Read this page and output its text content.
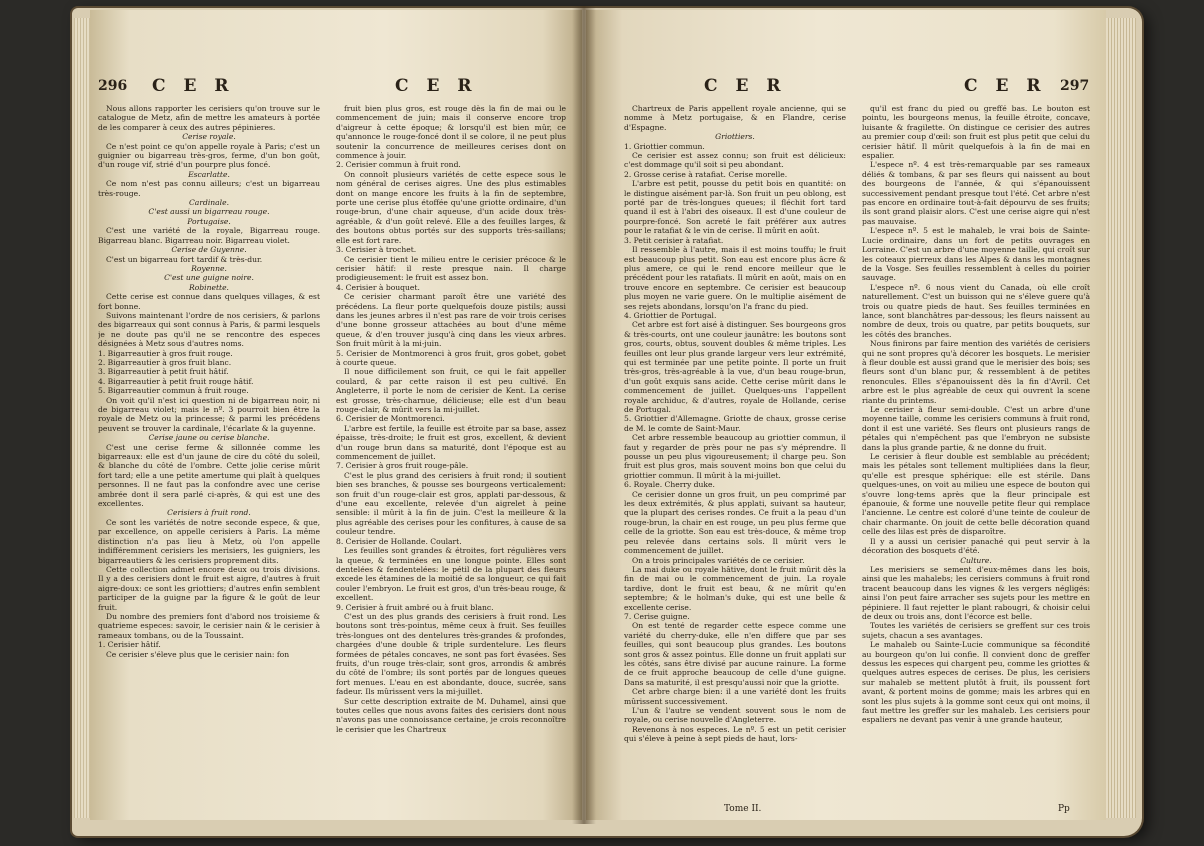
296 C E R	C E R

Nous allons rapporter les cerisiers qu'on trouve sur le catalogue de Metz, afin de mettre les amateurs à portée de les comparer à ceux des autres pépinieres.

Cerise royale.

Ce n'est point ce qu'on appelle royale à Paris; c'est un guignier ou bigarreau très-gros, ferme, d'un bon goût, d'un rouge vif, strié d'un pourpre plus foncé.

Escarlatte.

Ce nom n'est pas connu ailleurs; c'est un bigarreau très-rouge.

Cardinale.

C'est aussi un bigarreau rouge.

Portugaise.

C'est une variété de la royale, Bigarreau rouge. Bigarreau blanc. Bigarreau noir. Bigarreau violet.

Cerise de Guyenne.

C'est un bigarreau fort tardif & très-dur.

Royenne.

C'est une guigne noire.

Robinette.

Cette cerise est connue dans quelques villages, & est fort bonne.

Suivons maintenant l'ordre de nos cerisiers, & parlons des bigarreaux qui sont connus à Paris, & parmi lesquels je ne doute pas qu'il ne se rencontre des especes désignées à Metz sous d'autres noms.

1. Bigarreautier à gros fruit rouge.

2. Bigarreautier à gros fruit blanc.

3. Bigarreautier à petit fruit hâtif.

4. Bigarreautier à petit fruit rouge hâtif.

5. Bigarreautier commun à fruit rouge.

On voit qu'il n'est ici question ni de bigarreau noir, ni de bigarreau violet; mais le nº. 3 pourroit bien être la royale de Metz ou la princesse; & parmi les précédens peuvent se trouver la cardinale, l'écarlate & la guyenne.

Cerise jaune ou cerise blanche.

C'est une cerise ferme & sillonnée comme les bigarreaux: elle est d'un jaune de cire du côté du soleil, & blanche du côté de l'ombre. Cette jolie cerise mûrit fort tard; elle a une petite amertume qui plaît à quelques personnes. Il ne faut pas la confondre avec une cerise ambrée dont il sera parlé ci-après, & qui est une des excellentes.

Cerisiers à fruit rond.

Ce sont les variétés de notre seconde espece, & que, par excellence, on appelle cerisiers à Paris. La même distinction n'a pas lieu à Metz, où l'on appelle indifféremment cerisiers les merisiers, les guigniers, les bigarreautiers & les cerisiers proprement dits.

Cette collection admet encore deux ou trois divisions. Il y a des cerisiers dont le fruit est aigre, d'autres à fruit aigre-doux: ce sont les griottiers; d'autres enfin semblent participer de la guigne par la figure & le goût de leur fruit.

Du nombre des premiers font d'abord nos troisieme & quatrieme especes: savoir, le cerisier nain & le cerisier à rameaux tombans, ou de la Toussaint.

1. Cerisier hâtif.

Ce cerisier s'éleve plus que le cerisier nain: fon

fruit bien plus gros, est rouge dès la fin de mai ou le commencement de juin; mais il conserve encore trop d'aigreur à cette époque; & lorsqu'il est bien mûr, ce qu'annonce le rouge-foncé dont il se colore, il ne peut plus soutenir la concurrence de meilleures cerises dont on commence à jouir.

2. Cerisier commun à fruit rond.

On connoît plusieurs variétés de cette espece sous le nom général de cerises aigres. Une des plus estimables dont on mange encore les fruits à la fin de septembre, porte une cerise plus étoffée qu'une griotte ordinaire, d'un rouge-brun, d'une chair aqueuse, d'un acide doux très-agréable, & d'un goût relevé. Elle a des feuilles larges, & des boutons obtus portés sur des supports très-saillans; elle est fort rare.

3. Cerisier à trochet.

Ce cerisier tient le milieu entre le cerisier précoce & le cerisier hâtif: il reste presque nain. Il charge prodigieusement: le fruit est assez bon.

4. Cerisier à bouquet.

Ce cerisier charmant paroît être une variété des précédens. La fleur porte quelquefois douze pistils; aussi dans les jeunes arbres il n'est pas rare de voir trois cerises d'une bonne grosseur attachées au bout d'une même queue, & d'en trouver jusqu'à cinq dans les vieux arbres. Son fruit mûrit à la mi-juin.

5. Cerisier de Montmorenci à gros fruit, gros gobet, gobet à courte queue.

Il noue difficilement son fruit, ce qui le fait appeller coulard, & par cette raison il est peu cultivé. En Angleterre, il porte le nom de cerisier de Kent. La cerise est grosse, très-charnue, délicieuse; elle est d'un beau rouge-clair, & mûrit vers la mi-juillet.

6. Cerisier de Montmorenci.

L'arbre est fertile, la feuille est étroite par sa base, assez épaisse, très-droite; le fruit est gros, excellent, & devient d'un rouge brun dans sa maturité, dont l'époque est au commencement de juillet.

7. Cerisier à gros fruit rouge-pâle.

C'est le plus grand des cerisiers à fruit rond; il soutient bien ses branches, & pousse ses bourgeons verticalement: son fruit d'un rouge-clair est gros, applati par-dessous, & d'une eau excellente, relevée d'un aigrelet à peine sensible: il mûrit à la fin de juin. C'est la meilleure & la plus agréable des cerises pour les confitures, à cause de sa couleur tendre.

8. Cerisier de Hollande. Coulart.

Les feuilles sont grandes & étroites, fort régulières vers la queue, & terminées en une longue pointe. Elles sont dentelées & fendentelées: le pétil de la plupart des fleurs excede les étamines de la moitié de sa longueur, ce qui fait couler l'embryon. Le fruit est gros, d'un très-beau rouge, & excellent.

9. Cerisier à fruit ambré ou à fruit blanc.

C'est un des plus grands des cerisiers à fruit rond. Les boutons sont très-pointus, même ceux à fruit. Ses feuilles très-longues ont des dentelures très-grandes & profondes, chargées d'une double & triple surdentelure. Les fleurs formées de pétales concaves, ne sont pas fort évasées. Ses fruits, d'un rouge très-clair, sont gros, arrondis & ambrés du côté de l'ombre; ils sont portés par de longues queues fort menues. L'eau en est abondante, douce, sucrée, sans fadeur. Ils mûrissent vers la mi-juillet.

Sur cette description extraite de M. Duhamel, ainsi que toutes celles que nous avons faites des cerisiers dont nous n'avons pas une connoissance certaine, je crois reconnoître le cerisier que les Chartreux

C E R	C E R 297

Chartreux de Paris appellent royale ancienne, qui se nomme à Metz portugaise, & en Flandre, cerise d'Espagne.

Griottiers.

1. Griottier commun.

Ce cerisier est assez connu; son fruit est délicieux: c'est dommage qu'il soit si peu abondant.

2. Grosse cerise à ratafiat. Cerise morelle.

L'arbre est petit, pousse du petit bois en quantité: on le distingue aisément par-là. Son fruit un peu oblong, est porté par de très-longues queues; il fléchit fort tard quand il est à l'abri des oiseaux. Il est d'une couleur de pourpre-foncé. Son acreté le fait préférer aux autres pour le ratafiat & le vin de cerise. Il mûrit en août.

3. Petit cerisier à ratafiat.

Il ressemble à l'autre, mais il est moins touffu; le fruit est beaucoup plus petit. Son eau est encore plus âcre & plus amere, ce qui le rend encore meilleur que le précédent pour les ratafiats. Il mûrit en août, mais on en trouve encore en septembre. Ce cerisier est beaucoup plus moyen ne varie guere. On le multiplie aisément de ses rejets abondans, lorsqu'on l'a franc du pied.

4. Griottier de Portugal.

Cet arbre est fort aisé à distinguer. Ses bourgeons gros & très-courts, ont une couleur jaunâtre: les boutons sont gros, courts, obtus, souvent doubles & même triples. Les feuilles ont leur plus grande largeur vers leur extrémité, qui est terminée par une petite pointe. Il porte un fruit très-gros, très-agréable à la vue, d'un beau rouge-brun, d'un goût exquis sans acide. Cette cerise mûrit dans le commencement de juillet. Quelques-uns l'appellent royale archiduc, & d'autres, royale de Hollande, cerise de Portugal.

5. Griottier d'Allemagne. Griotte de chaux, grosse cerise de M. le comte de Saint-Maur.

Cet arbre ressemble beaucoup au griottier commun, il faut y regarder de près pour ne pas s'y méprendre. Il pousse un peu plus vigoureusement; il charge peu. Son fruit est plus gros, mais souvent moins bon que celui du griottier commun. Il mûrit à la mi-juillet.

6. Royale. Cherry duke.

Ce cerisier donne un gros fruit, un peu comprimé par les deux extrémités, & plus applati, suivant sa hauteur, que la plupart des cerises rondes. Ce fruit a la peau d'un rouge-brun, la chair en est rouge, un peu plus ferme que celle de la griotte. Son eau est très-douce, & même trop peu relevée dans certains sols. Il mûrit vers le commencement de juillet.

On a trois principales variétés de ce cerisier.

La mai duke ou royale hâtive, dont le fruit mûrit dès la fin de mai ou le commencement de juin. La royale tardive, dont le fruit est beau, & ne mûrit qu'en septembre; & le holman's duke, qui est une belle & excellente cerise.

7. Cerise guigne.

On est tenté de regarder cette espece comme une variété du cherry-duke, elle n'en differe que par ses feuilles, qui sont beaucoup plus grandes. Les boutons sont gros & assez pointus. Elle donne un fruit applati sur les côtés, sans être divisé par aucune rainure. La forme de ce fruit approche beaucoup de celle d'une guigne. Dans sa maturité, il est presqu'aussi noir que la griotte.

Cet arbre charge bien: il a une variété dont les fruits mûrissent successivement.

L'un & l'autre se vendent souvent sous le nom de royale, ou cerise nouvelle d'Angleterre.

Revenons à nos especes. Le nº. 5 est un petit cerisier qui s'éleve à peine à sept pieds de haut, lors-

qu'il est franc du pied ou greffé bas. Le bouton est pointu, les bourgeons menus, la feuille étroite, concave, luisante & fragilette. On distingue ce cerisier des autres au premier coup d'œil: son fruit est plus petit que celui du cerisier hâtif. Il mûrit quelquefois à la fin de mai en espalier.

L'espece nº. 4 est très-remarquable par ses rameaux déliés & tombans, & par ses fleurs qui naissent au bout des bourgeons de l'année, & qui s'épanouissent successivement pendant presque tout l'été. Cet arbre n'est pas encore en ordinaire tout-à-fait dépourvu de ses fruits; ils sont grand plaisir alors. C'est une cerise aigre qui n'est pas mauvaise.

L'espece nº. 5 est le mahaleb, le vrai bois de Sainte-Lucie ordinaire, dans un fort de petits ouvrages en Lorraine. C'est un arbre d'une moyenne taille, qui croît sur les coteaux pierreux dans les Alpes & dans les montagnes de la Vosge. Ses feuilles ressemblent à celles du poirier sauvage.

L'espece nº. 6 nous vient du Canada, où elle croît naturellement. C'est un buisson qui ne s'éleve guere qu'à trois ou quatre pieds de haut. Ses feuilles terminées en lance, sont blanchâtres par-dessous; les fleurs naissent au nombre de deux, trois ou quatre, par petits bouquets, sur les côtés des branches.

Nous finirons par faire mention des variétés de cerisiers qui ne sont propres qu'à décorer les bosquets. Le merisier à fleur double est aussi grand que le merisier des bois; ses fleurs sont d'un blanc pur, & ressemblent à de petites renoncules. Elles s'épanouissent dès la fin d'Avril. Cet arbre est le plus agréable de ceux qui ouvrent la scene riante du printems.

Le cerisier à fleur semi-double. C'est un arbre d'une moyenne taille, comme les cerisiers communs à fruit rond, dont il est une variété. Ses fleurs ont plusieurs rangs de pétales qui n'empêchent pas que l'embryon ne subsiste dans la plus grande partie, & ne donne du fruit.

Le cerisier à fleur double est semblable au précédent; mais les pétales sont tellement multipliées dans la fleur, qu'elle est presque sphérique: elle est stérile. Dans quelques-unes, on voit au milieu une espece de bouton qui s'ouvre long-tems après que la fleur principale est épanouie, & forme une nouvelle petite fleur qui remplace l'ancienne. Le centre est coloré d'une teinte de couleur de chair charmante. On jouit de cette belle décoration quand celle des lilas est près de disparoître.

Il y a aussi un cerisier panaché qui peut servir à la décoration des bosquets d'été.

Culture.

Les merisiers se sement d'eux-mêmes dans les bois, ainsi que les mahalebs; les cerisiers communs à fruit rond tracent beaucoup dans les vignes & les vergers négligés: ainsi l'on peut faire arracher ses sujets pour les mettre en pépiniere. Il faut rejetter le plant rabougri, & choisir celui de deux ou trois ans, dont l'écorce est belle.

Toutes les variétés de cerisiers se greffent sur ces trois sujets, chacun a ses avantages.

Le mahaleb ou Sainte-Lucie communique sa fécondité au bourgeon qu'on lui confie. Il convient donc de greffer dessus les especes qui chargent peu, comme les griottes & quelques autres especes de cerises. De plus, les cerisiers sur mahaleb se mettent plutôt à fruit, ils poussent fort avant, & portent moins de gomme; mais les arbres qui en sont les plus sujets à la gomme sont ceux qui ont moins, il faut mettre les greffer sur les mahaleb. Les cerisiers pour espaliers ne devant pas venir à une grande hauteur,

Tome II.	Pp
